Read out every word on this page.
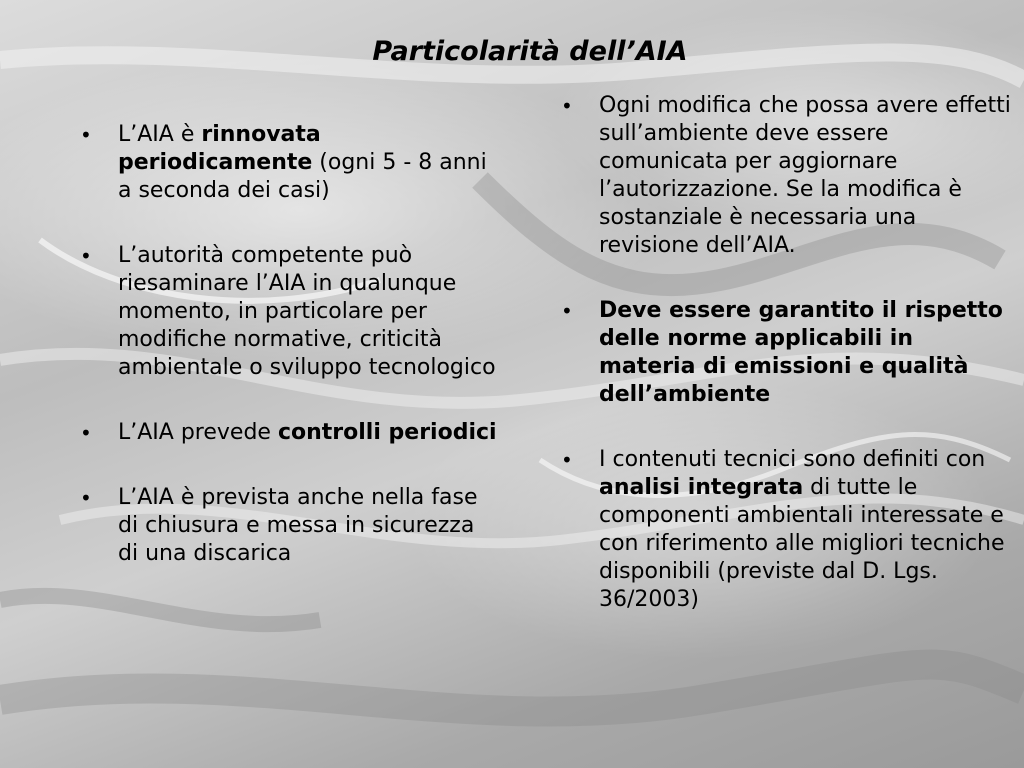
Particolarità dell’AIA
• L’AIA è rinnovata periodicamente (ogni 5 - 8 anni a seconda dei casi)
• L’autorità competente può riesaminare l’AIA in qualunque momento, in particolare per modifiche normative, criticità ambientale o sviluppo tecnologico
• L’AIA prevede controlli periodici
• L’AIA è prevista anche nella fase di chiusura e messa in sicurezza di una discarica
• Ogni modifica che possa avere effetti sull’ambiente deve essere comunicata per aggiornare l’autorizzazione. Se la modifica è sostanziale è necessaria una revisione dell’AIA.
• Deve essere garantito il rispetto delle norme applicabili in materia di emissioni e qualità dell’ambiente
• I contenuti tecnici sono definiti con analisi integrata di tutte le componenti ambientali interessate e con riferimento alle migliori tecniche disponibili (previste dal D. Lgs. 36/2003)
